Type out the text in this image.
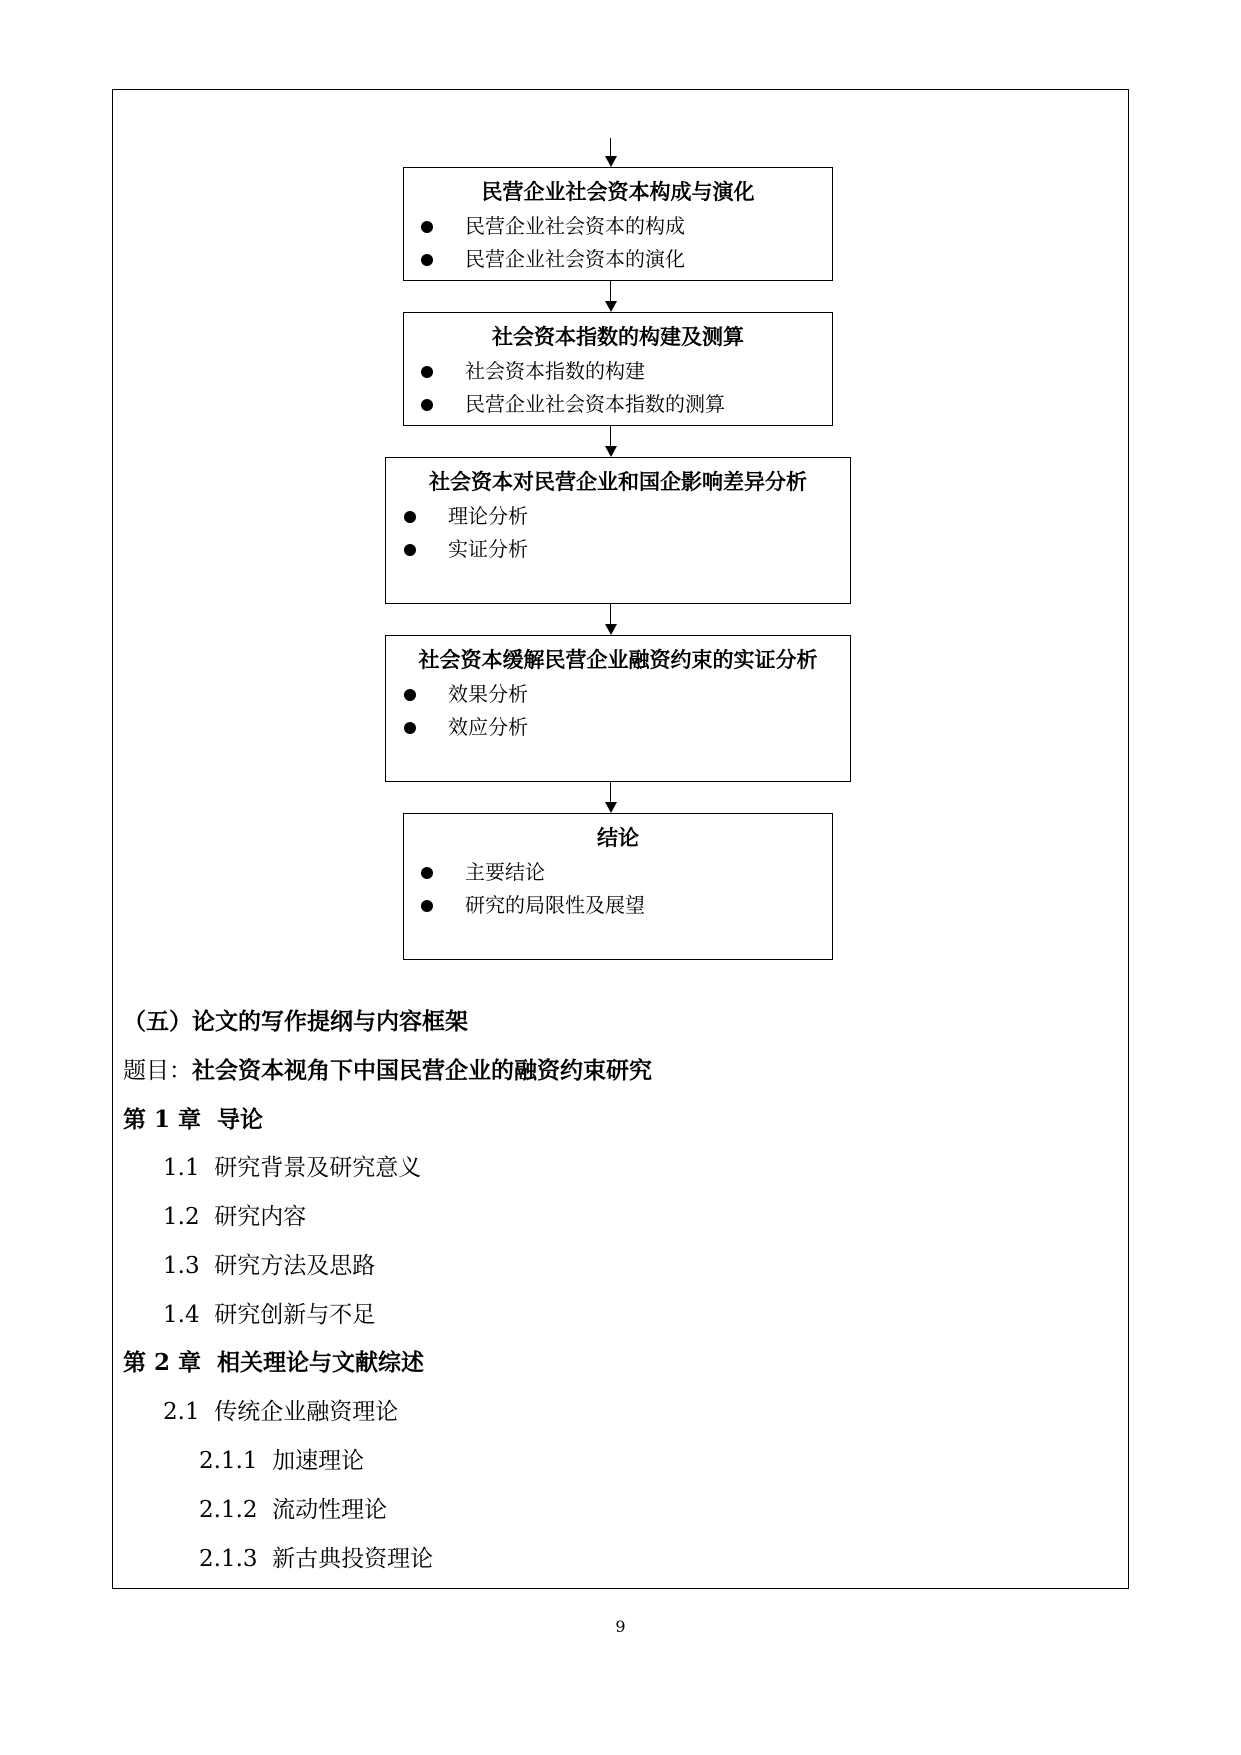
民营企业社会资本构成与演化
民营企业社会资本的构成
民营企业社会资本的演化
社会资本指数的构建及测算
社会资本指数的构建
民营企业社会资本指数的测算
社会资本对民营企业和国企影响差异分析
理论分析
实证分析
社会资本缓解民营企业融资约束的实证分析
效果分析
效应分析
结论
主要结论
研究的局限性及展望
（五）论文的写作提纲与内容框架
题目：社会资本视角下中国民营企业的融资约束研究
第 1 章 导论
1.1 研究背景及研究意义
1.2 研究内容
1.3 研究方法及思路
1.4 研究创新与不足
第 2 章 相关理论与文献综述
2.1 传统企业融资理论
2.1.1 加速理论
2.1.2 流动性理论
2.1.3 新古典投资理论
9
